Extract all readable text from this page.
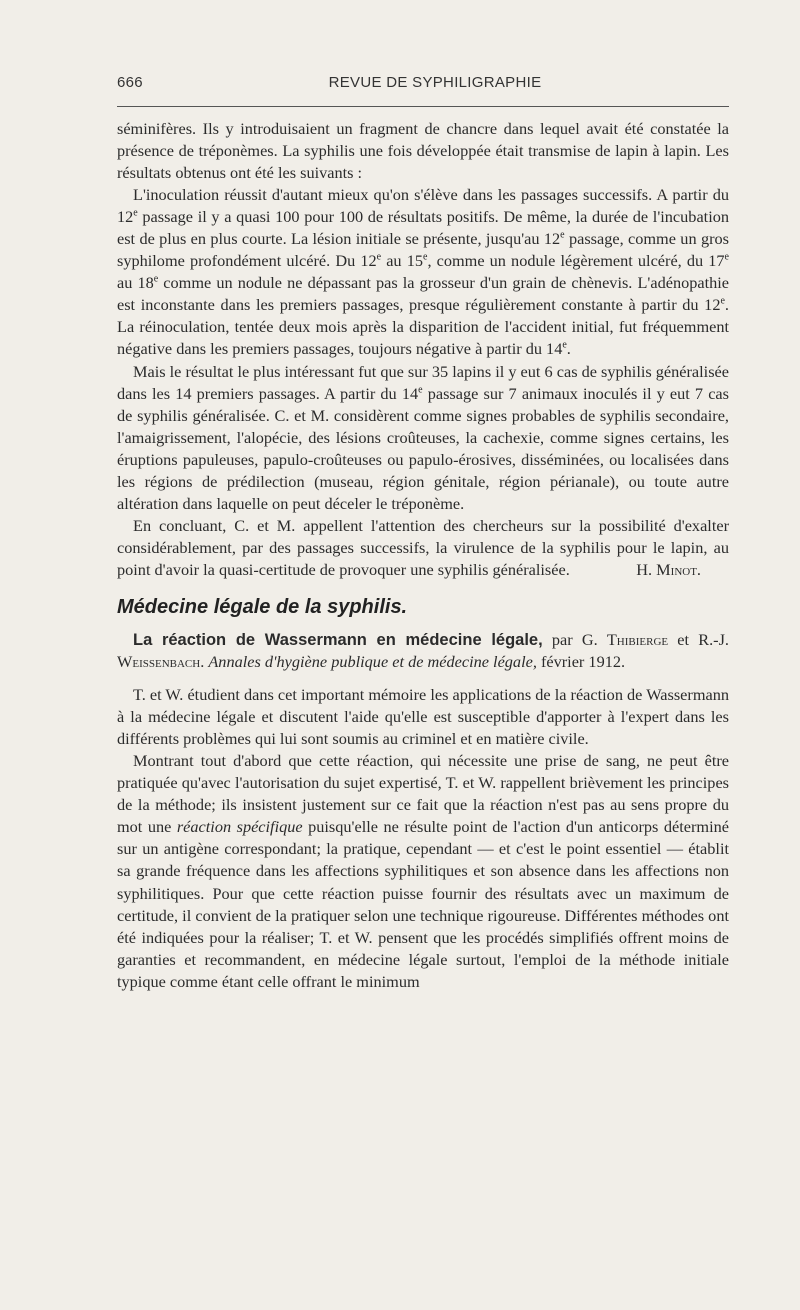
666	REVUE DE SYPHILIGRAPHIE

séminifères. Ils y introduisaient un fragment de chancre dans lequel avait été constatée la présence de tréponèmes. La syphilis une fois développée était transmise de lapin à lapin. Les résultats obtenus ont été les suivants :

L'inoculation réussit d'autant mieux qu'on s'élève dans les passages successifs. A partir du 12e passage il y a quasi 100 pour 100 de résultats positifs. De même, la durée de l'incubation est de plus en plus courte. La lésion initiale se présente, jusqu'au 12e passage, comme un gros syphilome profondément ulcéré. Du 12e au 15e, comme un nodule légèrement ulcéré, du 17e au 18e comme un nodule ne dépassant pas la grosseur d'un grain de chènevis. L'adénopathie est inconstante dans les premiers passages, presque régulièrement constante à partir du 12e. La réinoculation, tentée deux mois après la disparition de l'accident initial, fut fréquemment négative dans les premiers passages, toujours négative à partir du 14e.

Mais le résultat le plus intéressant fut que sur 35 lapins il y eut 6 cas de syphilis généralisée dans les 14 premiers passages. A partir du 14e passage sur 7 animaux inoculés il y eut 7 cas de syphilis généralisée. C. et M. considèrent comme signes probables de syphilis secondaire, l'amaigrissement, l'alopécie, des lésions croûteuses, la cachexie, comme signes certains, les éruptions papuleuses, papulo-croûteuses ou papulo-érosives, disséminées, ou localisées dans les régions de prédilection (museau, région génitale, région périanale), ou toute autre altération dans laquelle on peut déceler le tréponème.

En concluant, C. et M. appellent l'attention des chercheurs sur la possibilité d'exalter considérablement, par des passages successifs, la virulence de la syphilis pour le lapin, au point d'avoir la quasi-certitude de provoquer une syphilis généralisée.	H. Minot.

Médecine légale de la syphilis.

La réaction de Wassermann en médecine légale, par G. Thibierge et R.-J. Weissenbach. Annales d'hygiène publique et de médecine légale, février 1912.

T. et W. étudient dans cet important mémoire les applications de la réaction de Wassermann à la médecine légale et discutent l'aide qu'elle est susceptible d'apporter à l'expert dans les différents problèmes qui lui sont soumis au criminel et en matière civile.

Montrant tout d'abord que cette réaction, qui nécessite une prise de sang, ne peut être pratiquée qu'avec l'autorisation du sujet expertisé, T. et W. rappellent brièvement les principes de la méthode; ils insistent justement sur ce fait que la réaction n'est pas au sens propre du mot une réaction spécifique puisqu'elle ne résulte point de l'action d'un anticorps déterminé sur un antigène correspondant; la pratique, cependant — et c'est le point essentiel — établit sa grande fréquence dans les affections syphilitiques et son absence dans les affections non syphilitiques. Pour que cette réaction puisse fournir des résultats avec un maximum de certitude, il convient de la pratiquer selon une technique rigoureuse. Différentes méthodes ont été indiquées pour la réaliser; T. et W. pensent que les procédés simplifiés offrent moins de garanties et recommandent, en médecine légale surtout, l'emploi de la méthode initiale typique comme étant celle offrant le minimum
